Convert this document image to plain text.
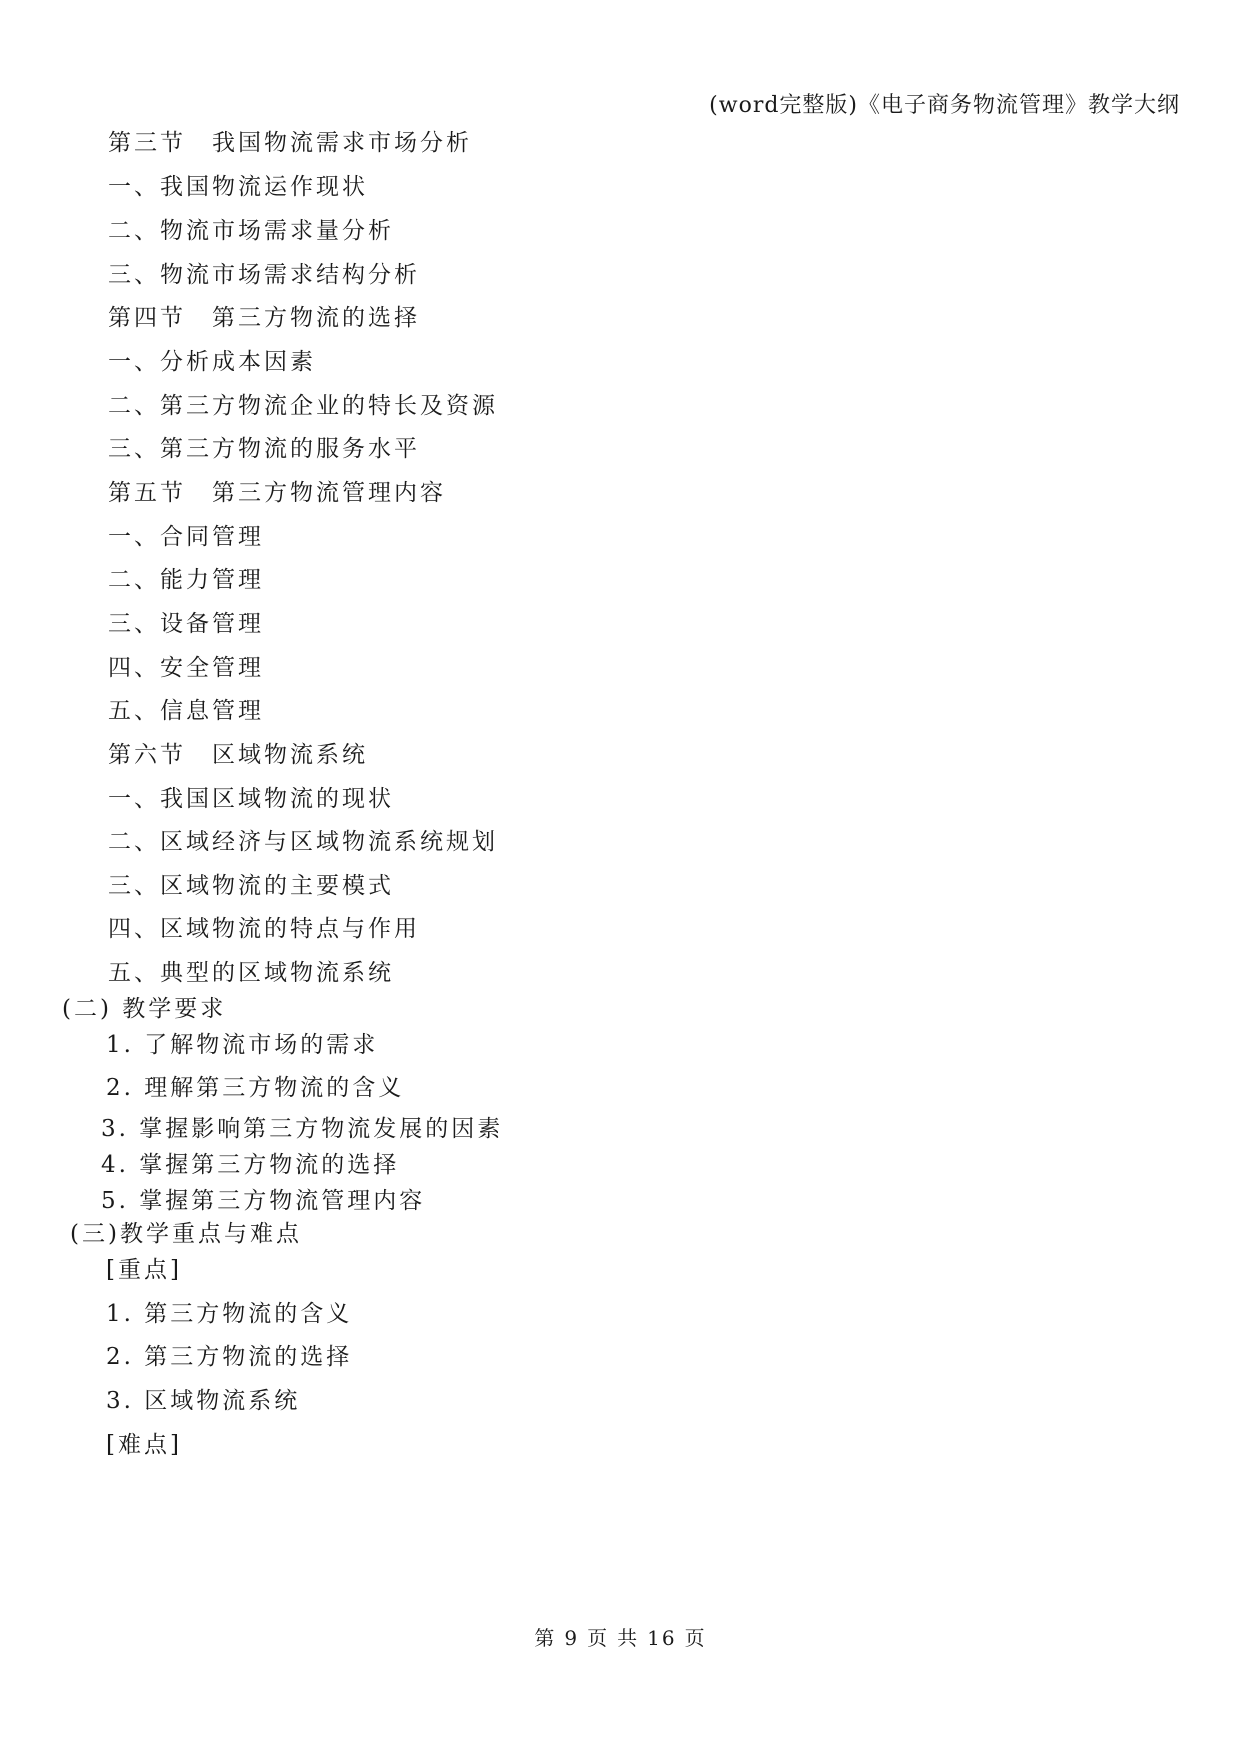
(word完整版)《电子商务物流管理》教学大纲
第三节　我国物流需求市场分析
一、我国物流运作现状
二、物流市场需求量分析
三、物流市场需求结构分析
第四节　第三方物流的选择
一、分析成本因素
二、第三方物流企业的特长及资源
三、第三方物流的服务水平
第五节　第三方物流管理内容
一、合同管理
二、能力管理
三、设备管理
四、安全管理
五、信息管理
第六节　区域物流系统
一、我国区域物流的现状
二、区域经济与区域物流系统规划
三、区域物流的主要模式
四、区域物流的特点与作用
五、典型的区域物流系统
(二) 教学要求
1. 了解物流市场的需求
2. 理解第三方物流的含义
3. 掌握影响第三方物流发展的因素
4. 掌握第三方物流的选择
5. 掌握第三方物流管理内容
(三)教学重点与难点
[重点]
1. 第三方物流的含义
2. 第三方物流的选择
3. 区域物流系统
[难点]
第 9 页 共 16 页
